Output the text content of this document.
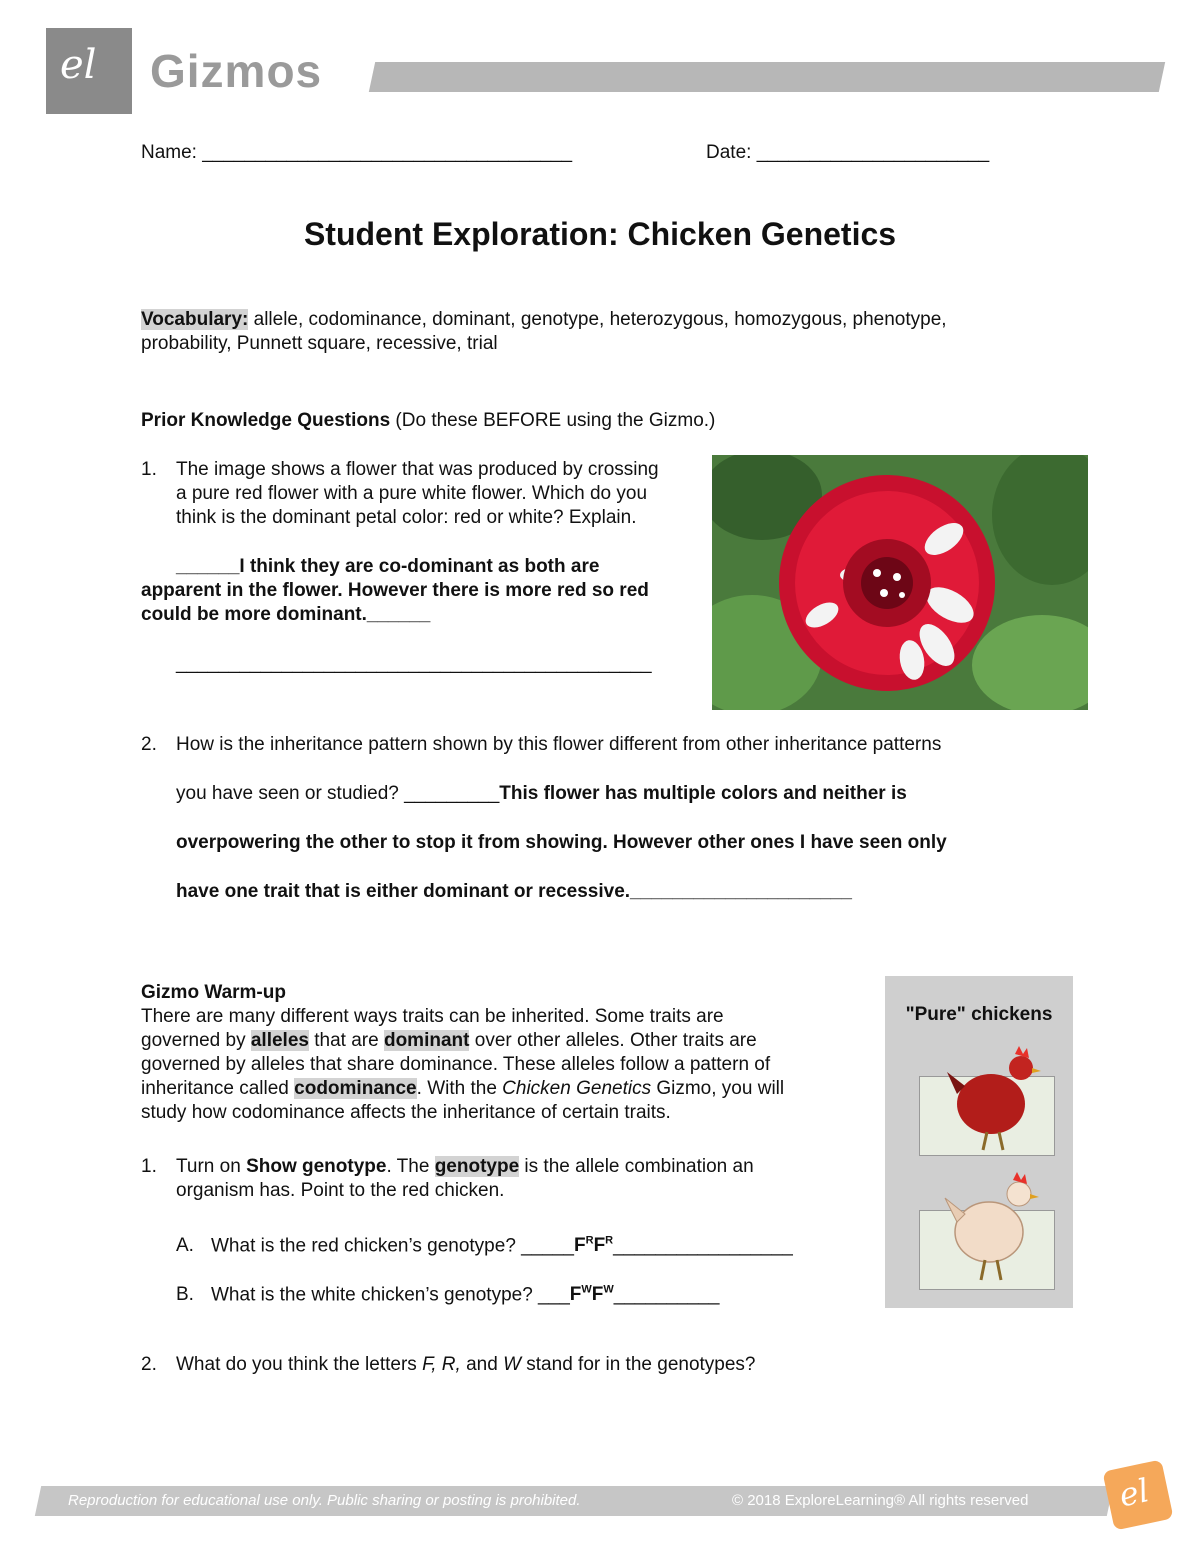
el Gizmos
Name: ___________________________________	Date: ______________________
Student Exploration: Chicken Genetics
Vocabulary: allele, codominance, dominant, genotype, heterozygous, homozygous, phenotype,
probability, Punnett square, recessive, trial
Prior Knowledge Questions (Do these BEFORE using the Gizmo.)
1.	The image shows a flower that was produced by crossing
a pure red flower with a pure white flower. Which do you
think is the dominant petal color: red or white? Explain.
______I think they are co-dominant as both are
apparent in the flower. However there is more red so red
could be more dominant.______
_____________________________________________
2.	How is the inheritance pattern shown by this flower different from other inheritance patterns
you have seen or studied? _________This flower has multiple colors and neither is
overpowering the other to stop it from showing. However other ones I have seen only
have one trait that is either dominant or recessive._____________________
Gizmo Warm-up
There are many different ways traits can be inherited. Some traits are
governed by alleles that are dominant over other alleles. Other traits are
governed by alleles that share dominance. These alleles follow a pattern of
inheritance called codominance. With the Chicken Genetics Gizmo, you will
study how codominance affects the inheritance of certain traits.
1.	Turn on Show genotype. The genotype is the allele combination an
organism has. Point to the red chicken.
A. What is the red chicken’s genotype? $\_\_\_\_\_F^RF^R\_\_\_\_\_\_\_\_\_\_\_\_\_\_\_\_\_$
B. What is the white chicken’s genotype? $\_\_\_F^WF^W\_\_\_\_\_\_\_\_\_\_$
2. What do you think the letters F, R, and W stand for in the genotypes?
"Pure" chickens
Reproduction for educational use only. Public sharing or posting is prohibited.	© 2018 ExploreLearning® All rights reserved	el
